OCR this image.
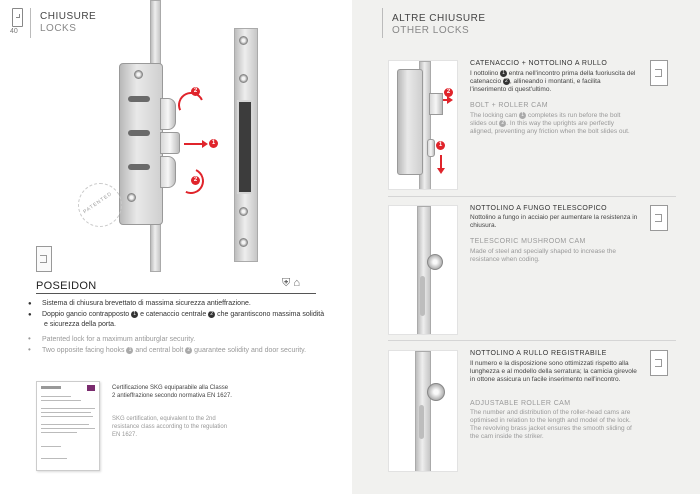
40
CHIUSURE
LOCKS
2
1
2
PATENTED
POSEIDON	⛨ ⌂

●Sistema di chiusura brevettato di massima sicurezza antieffrazione.

●Doppio gancio contrapposto 1 e catenaccio centrale 2 che garantiscono massima solidità e sicurezza della porta.

•Patented lock for a maximum antiburglar security.

•Two opposite facing hooks 1 and central bolt 2 guarantee solidity and door security.

Certificazione SKG equiparabile alla Classe 2 antieffrazione secondo normativa EN 1627.
SKG certification, equivalent to the 2nd resistance class according to the regulation EN 1627.
ALTRE CHIUSURE
OTHER LOCKS
2
1
CATENACCIO + NOTTOLINO A RULLO
I nottolino 1 entra nell'incontro prima della fuoriuscita del catenaccio 2 , allineando i montanti, e facilita l'inserimento di quest'ultimo.
BOLT + ROLLER CAM
The locking cam 1 completes its run before the bolt slides out 2 . In this way the uprights are perfectly aligned, preventing any friction when the bolt slides out.
NOTTOLINO A FUNGO TELESCOPICO
Nottolino a fungo in acciaio per aumentare la resistenza in chiusura.
TELESCORIC MUSHROOM CAM
Made of steel and specially shaped to increase the resistance when coding.
NOTTOLINO A RULLO REGISTRABILE
Il numero e la disposizione sono ottimizzati rispetto alla lunghezza e al modello della serratura; la camicia girevole in ottone assicura un facile inserimento nell'incontro.
ADJUSTABLE ROLLER CAM
The number and distribution of the roller-head cams are optimised in relation to the length and model of the lock.
The revolving brass jacket ensures the smooth sliding of the cam inside the striker.
